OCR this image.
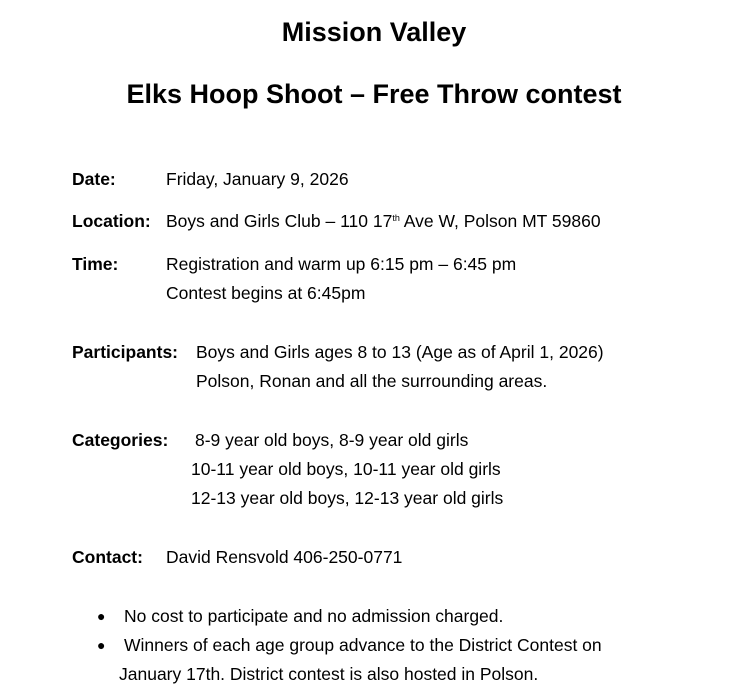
Mission Valley
Elks Hoop Shoot – Free Throw contest
Date:	Friday, January 9, 2026
Location: Boys and Girls Club – 110 17th Ave W, Polson MT 59860
Time:	Registration and warm up 6:15 pm – 6:45 pm
Contest begins at 6:45pm
Participants: Boys and Girls ages 8 to 13 (Age as of April 1, 2026)
Polson, Ronan and all the surrounding areas.
Categories: 8-9 year old boys, 8-9 year old girls
10-11 year old boys, 10-11 year old girls
12-13 year old boys, 12-13 year old girls
Contact: David Rensvold 406-250-0771
● No cost to participate and no admission charged.
● Winners of each age group advance to the District Contest on
January 17th. District contest is also hosted in Polson.
